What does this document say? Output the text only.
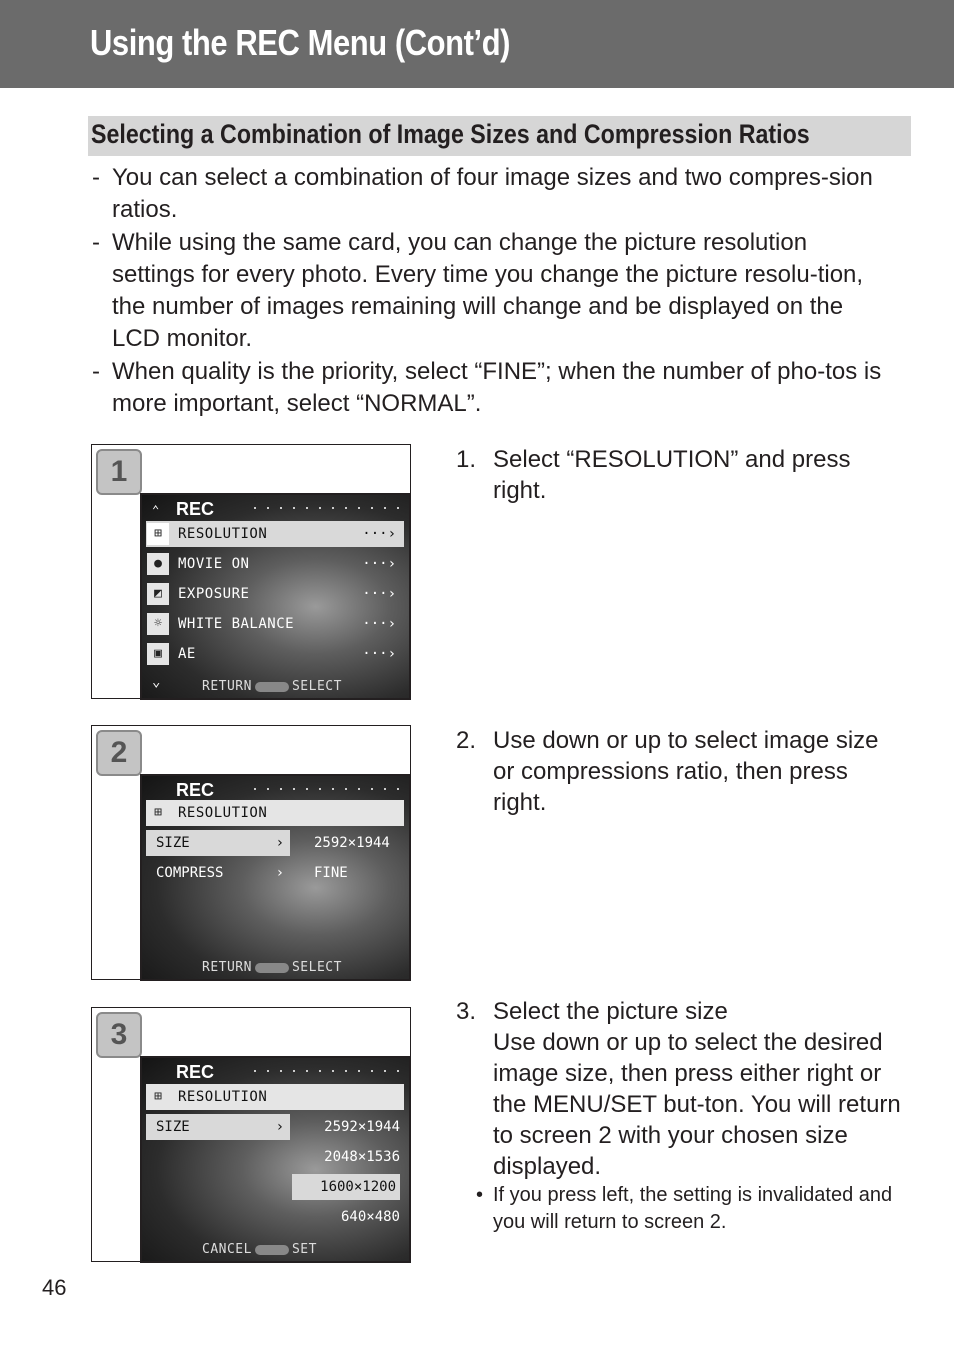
Using the REC Menu (Cont’d)
Selecting a Combination of Image Sizes and Compression Ratios
- You can select a combination of four image sizes and two compres-sion ratios.
- While using the same card, you can change the picture resolution settings for every photo. Every time you change the picture resolu-tion, the number of images remaining will change and be displayed on the LCD monitor.
- When quality is the priority, select “FINE”; when the number of pho-tos is more important, select “NORMAL”.
1
⌃ REC
⊞	RESOLUTION	···›
●	MOVIE ON	···›
◩	EXPOSURE	···›
☼	WHITE BALANCE	···›
▣	AE	···›
⌄	RETURN	SELECT
1. Select “RESOLUTION” and press right.
2
REC
⊞	RESOLUTION
SIZE	› 2592×1944
COMPRESS	› FINE
RETURN	SELECT
2. Use down or up to select image size or compressions ratio, then press right.
3
REC
⊞	RESOLUTION
SIZE	›	2592×1944
2048×1536
1600×1200
640×480
CANCEL	SET
3. Select the picture size
Use down or up to select the desired image size, then press either right or the MENU/SET but-ton. You will return to screen 2 with your chosen size displayed.
• If you press left, the setting is invalidated and you will return to screen 2.
46
